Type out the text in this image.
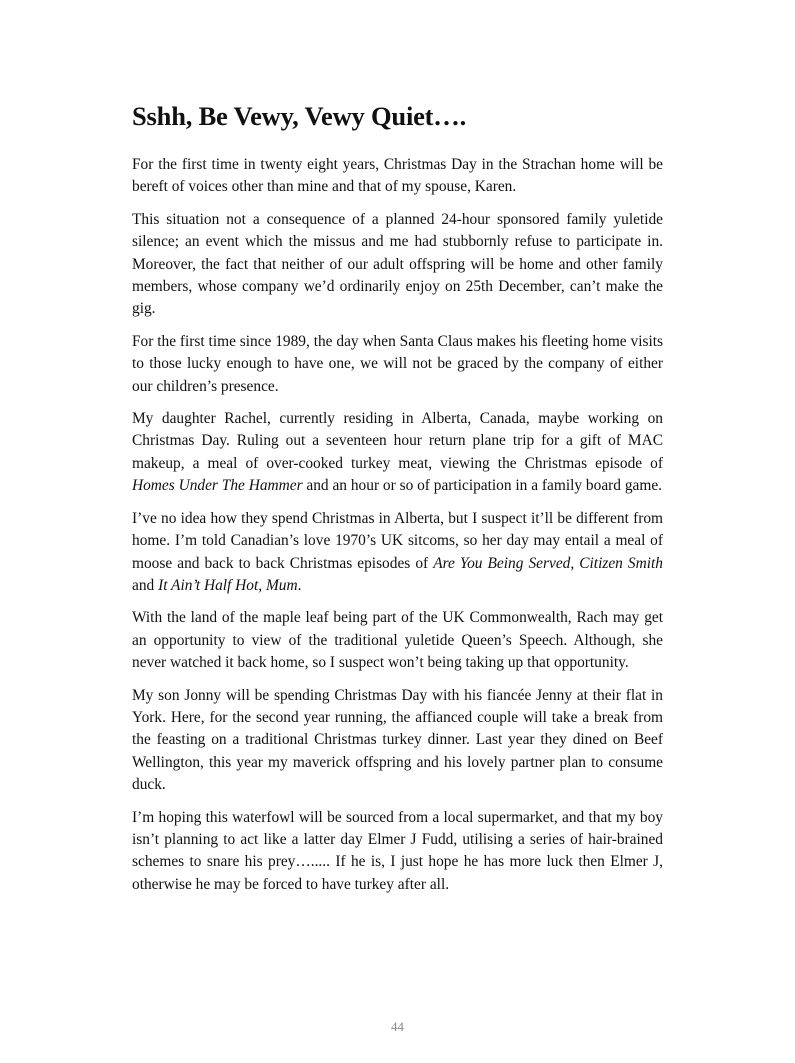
Sshh, Be Vewy, Vewy Quiet….

For the first time in twenty eight years, Christmas Day in the Strachan home will be bereft of voices other than mine and that of my spouse, Karen.

This situation not a consequence of a planned 24-hour sponsored family yuletide silence; an event which the missus and me had stubbornly refuse to participate in. Moreover, the fact that neither of our adult offspring will be home and other family members, whose company we’d ordinarily enjoy on 25th December, can’t make the gig.

For the first time since 1989, the day when Santa Claus makes his fleeting home visits to those lucky enough to have one, we will not be graced by the company of either our children’s presence.

My daughter Rachel, currently residing in Alberta, Canada, maybe working on Christmas Day. Ruling out a seventeen hour return plane trip for a gift of MAC makeup, a meal of over-cooked turkey meat, viewing the Christmas episode of Homes Under The Hammer and an hour or so of participation in a family board game.

I’ve no idea how they spend Christmas in Alberta, but I suspect it’ll be different from home. I’m told Canadian’s love 1970’s UK sitcoms, so her day may entail a meal of moose and back to back Christmas episodes of Are You Being Served, Citizen Smith and It Ain’t Half Hot, Mum.

With the land of the maple leaf being part of the UK Commonwealth, Rach may get an opportunity to view of the traditional yuletide Queen’s Speech. Although, she never watched it back home, so I suspect won’t being taking up that opportunity.

My son Jonny will be spending Christmas Day with his fiancée Jenny at their flat in York. Here, for the second year running, the affianced couple will take a break from the feasting on a traditional Christmas turkey dinner. Last year they dined on Beef Wellington, this year my maverick offspring and his lovely partner plan to consume duck.

I’m hoping this waterfowl will be sourced from a local supermarket, and that my boy isn’t planning to act like a latter day Elmer J Fudd, utilising a series of hair-brained schemes to snare his prey…..... If he is, I just hope he has more luck then Elmer J, otherwise he may be forced to have turkey after all.

44
